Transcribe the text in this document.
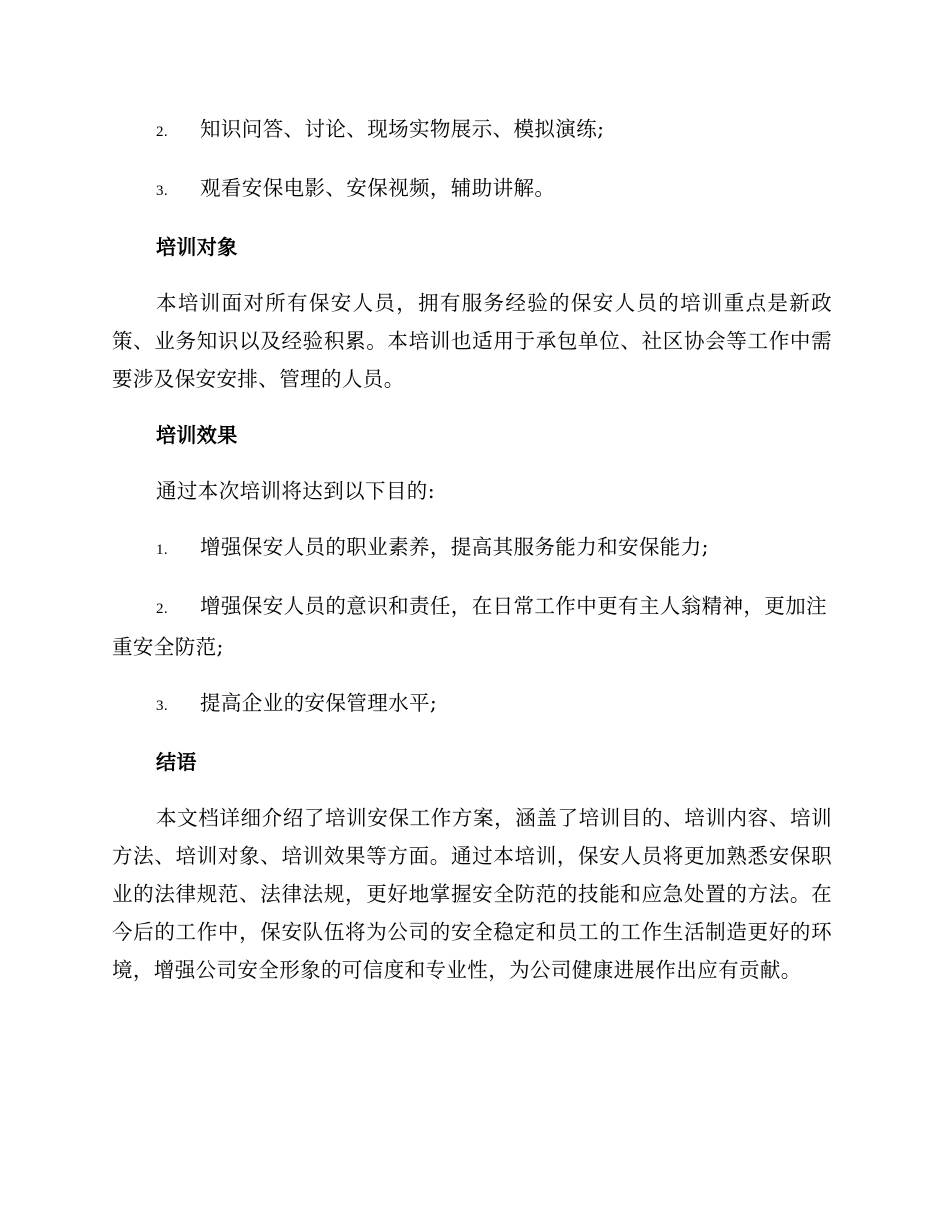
2. 知识问答、讨论、现场实物展示、模拟演练;
3. 观看安保电影、安保视频，辅助讲解。
培训对象
本培训面对所有保安人员，拥有服务经验的保安人员的培训重点是新政策、业务知识以及经验积累。本培训也适用于承包单位、社区协会等工作中需要涉及保安安排、管理的人员。
培训效果
通过本次培训将达到以下目的:
1. 增强保安人员的职业素养，提高其服务能力和安保能力;
2. 增强保安人员的意识和责任，在日常工作中更有主人翁精神，更加注重安全防范;
3. 提高企业的安保管理水平;
结语
本文档详细介绍了培训安保工作方案，涵盖了培训目的、培训内容、培训方法、培训对象、培训效果等方面。通过本培训，保安人员将更加熟悉安保职业的法律规范、法律法规，更好地掌握安全防范的技能和应急处置的方法。在今后的工作中，保安队伍将为公司的安全稳定和员工的工作生活制造更好的环境，增强公司安全形象的可信度和专业性，为公司健康进展作出应有贡献。
